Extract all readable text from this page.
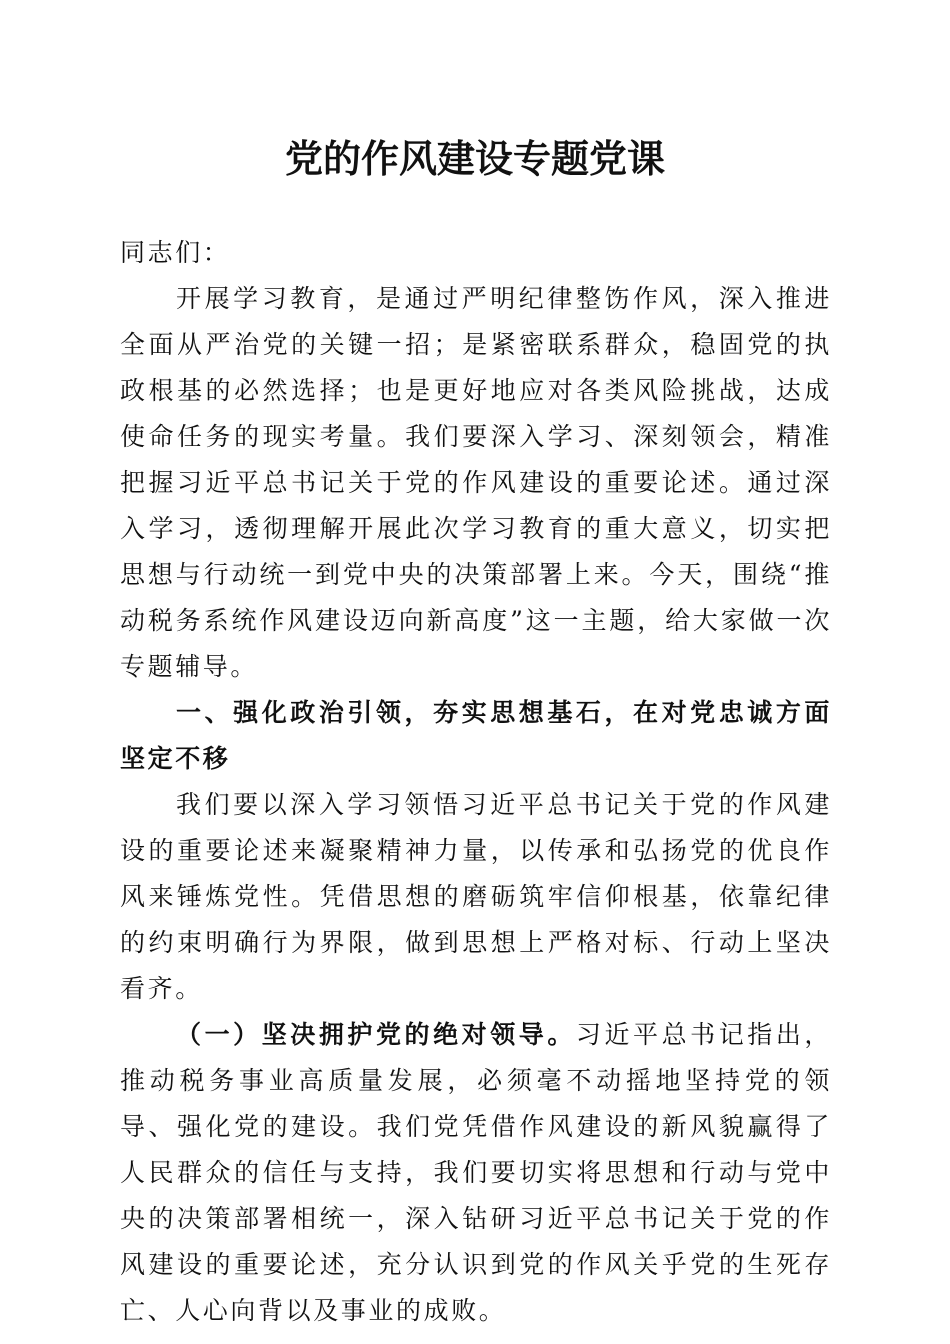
党的作风建设专题党课

同志们：

开展学习教育，是通过严明纪律整饬作风，深入推进全面从严治党的关键一招；是紧密联系群众，稳固党的执政根基的必然选择；也是更好地应对各类风险挑战，达成使命任务的现实考量。我们要深入学习、深刻领会，精准把握习近平总书记关于党的作风建设的重要论述。通过深入学习，透彻理解开展此次学习教育的重大意义，切实把思想与行动统一到党中央的决策部署上来。今天，围绕“推动税务系统作风建设迈向新高度”这一主题，给大家做一次专题辅导。

一、强化政治引领，夯实思想基石，在对党忠诚方面坚定不移

我们要以深入学习领悟习近平总书记关于党的作风建设的重要论述来凝聚精神力量，以传承和弘扬党的优良作风来锤炼党性。凭借思想的磨砺筑牢信仰根基，依靠纪律的约束明确行为界限，做到思想上严格对标、行动上坚决看齐。

（一）坚决拥护党的绝对领导。习近平总书记指出，推动税务事业高质量发展，必须毫不动摇地坚持党的领导、强化党的建设。我们党凭借作风建设的新风貌赢得了人民群众的信任与支持，我们要切实将思想和行动与党中央的决策部署相统一，深入钻研习近平总书记关于党的作风建设的重要论述，充分认识到党的作风关乎党的生死存亡、人心向背以及事业的成败。
